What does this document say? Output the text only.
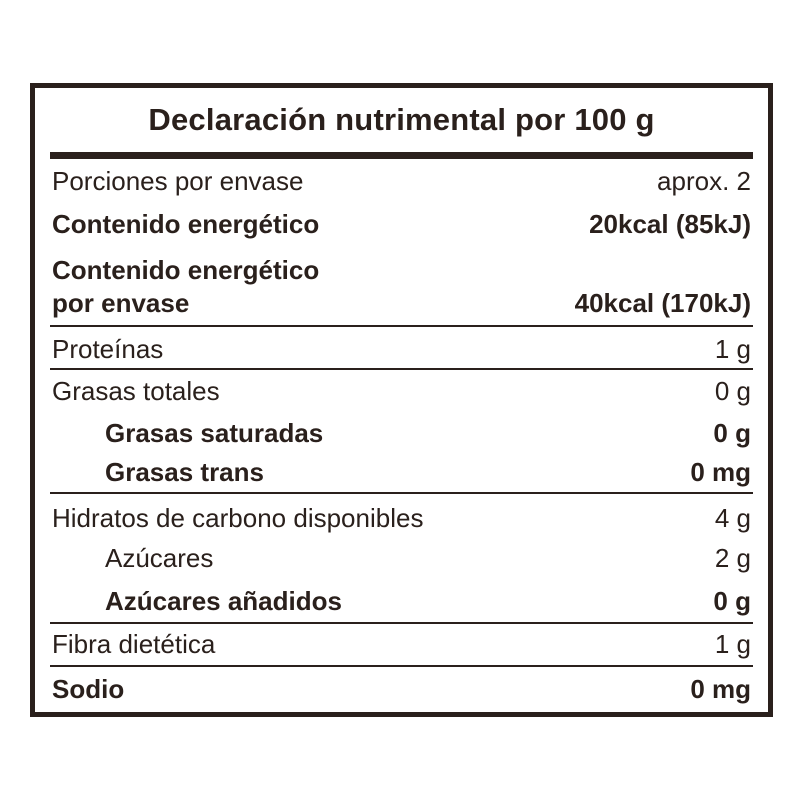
Declaración nutrimental por 100 g
Porciones por envase	aprox. 2
Contenido energético	20kcal (85kJ)
Contenido energético
por envase	40kcal (170kJ)
Proteínas	1 g
Grasas totales	0 g
Grasas saturadas	0 g
Grasas trans	0 mg
Hidratos de carbono disponibles	4 g
Azúcares	2 g
Azúcares añadidos	0 g
Fibra dietética	1 g
Sodio	0 mg
